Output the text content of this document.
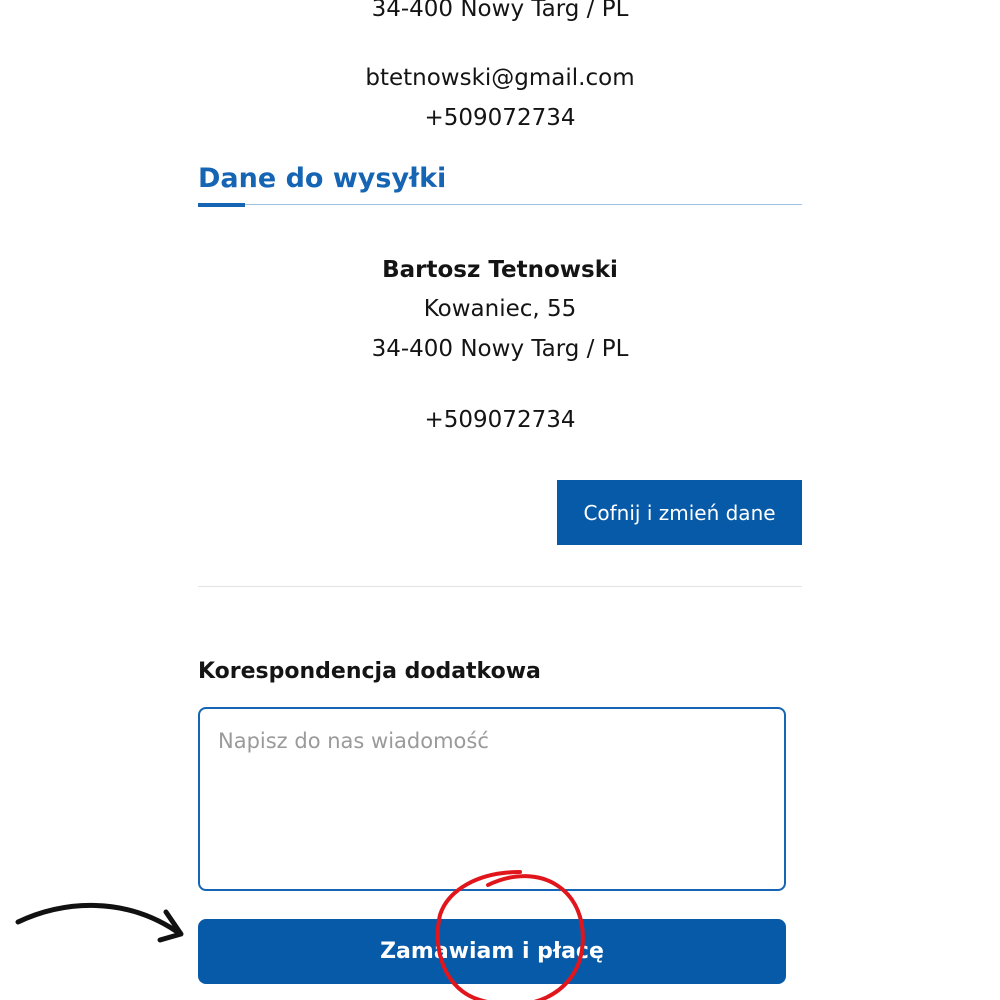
34-400 Nowy Targ / PL
btetnowski@gmail.com
+509072734
Dane do wysyłki
Bartosz Tetnowski
Kowaniec, 55
34-400 Nowy Targ / PL
+509072734
Cofnij i zmień dane
Korespondencja dodatkowa
Napisz do nas wiadomość
Zamawiam i płacę
